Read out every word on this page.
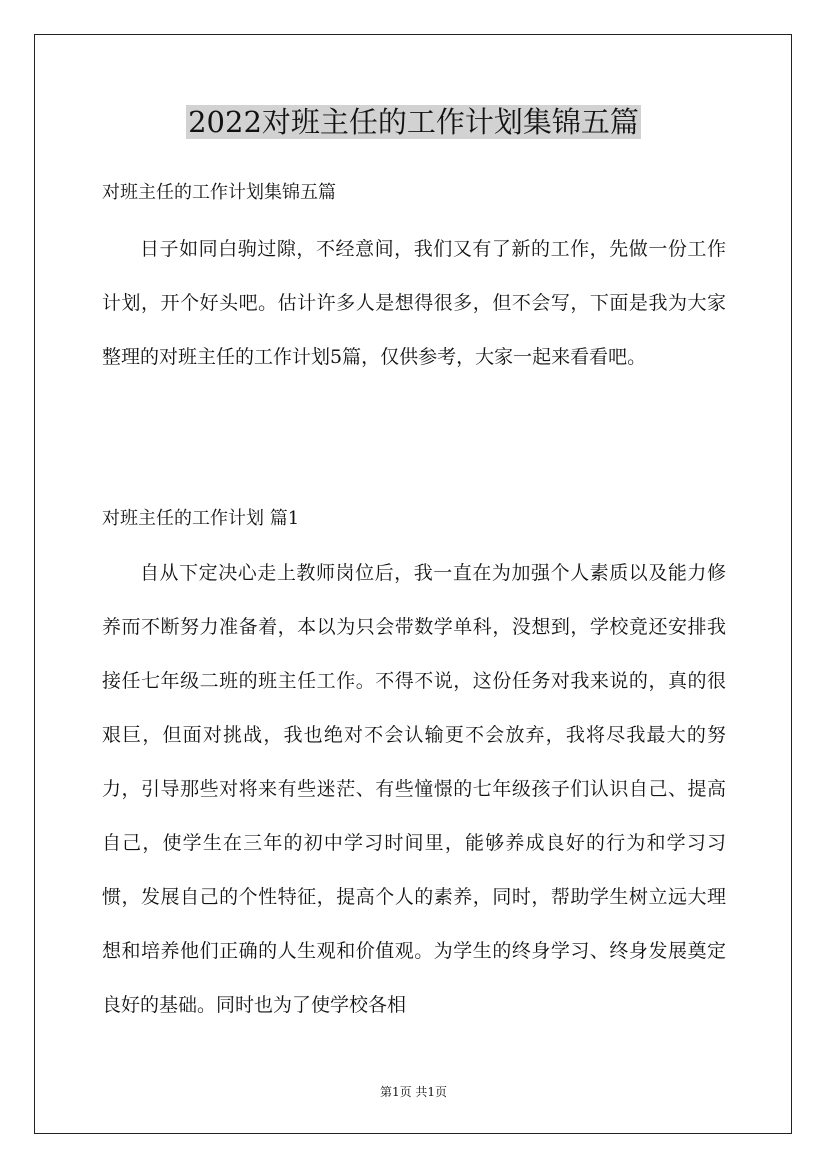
2022对班主任的工作计划集锦五篇
对班主任的工作计划集锦五篇

日子如同白驹过隙，不经意间，我们又有了新的工作，先做一份工作计划，开个好头吧。估计许多人是想得很多，但不会写，下面是我为大家整理的对班主任的工作计划5篇，仅供参考，大家一起来看看吧。

对班主任的工作计划 篇1

自从下定决心走上教师岗位后，我一直在为加强个人素质以及能力修养而不断努力准备着，本以为只会带数学单科，没想到，学校竟还安排我接任七年级二班的班主任工作。不得不说，这份任务对我来说的，真的很艰巨，但面对挑战，我也绝对不会认输更不会放弃，我将尽我最大的努力，引导那些对将来有些迷茫、有些憧憬的七年级孩子们认识自己、提高自己，使学生在三年的初中学习时间里，能够养成良好的行为和学习习惯，发展自己的个性特征，提高个人的素养，同时，帮助学生树立远大理想和培养他们正确的人生观和价值观。为学生的终身学习、终身发展奠定良好的基础。同时也为了使学校各相

第1页 共1页
